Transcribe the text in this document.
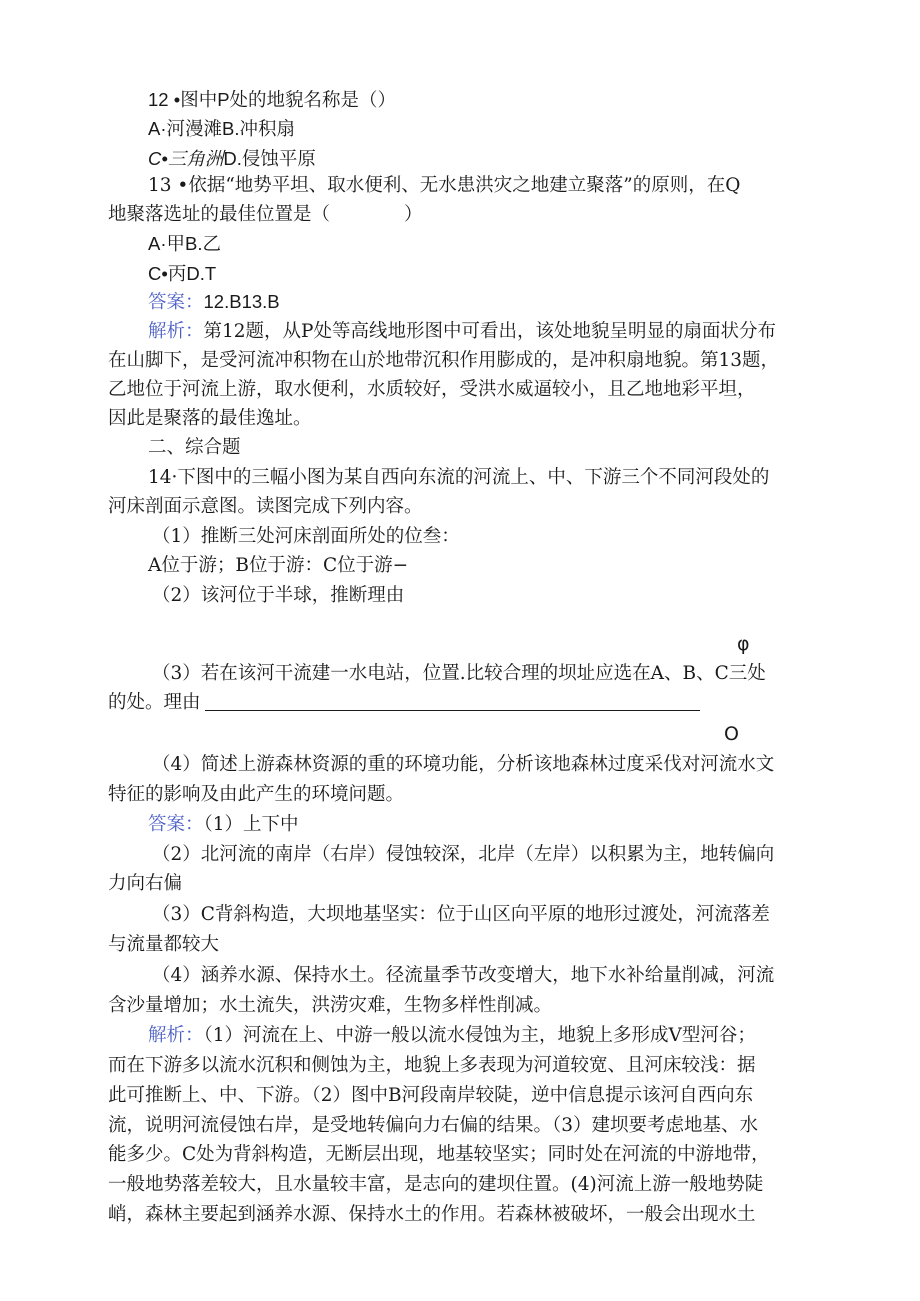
12 •图中P处的地貌名称是（）
A·河漫滩B.冲积扇
C•三角洲D.侵蚀平原
13 •依据“地势平坦、取水便利、无水患洪灾之地建立聚落”的原则，在Q
地聚落选址的最佳位置是（　　　　）
A·甲B.乙
C•丙D.T
答案：12.B13.B
解析：第12题，从P处等高线地形图中可看出，该处地貌呈明显的扇面状分布
在山脚下，是受河流冲积物在山於地带沉积作用膨成的，是冲积扇地貌。第13题，
乙地位于河流上游，取水便利，水质较好，受洪水威逼较小，且乙地地彩平坦，
因此是聚落的最佳逸址。
二、综合题
14·下图中的三幅小图为某自西向东流的河流上、中、下游三个不同河段处的
河床剖面示意图。读图完成下列内容。
（1）推断三处河床剖面所处的位叁：
A位于游；B位于游：C位于游−
（2）该河位于半球，推断理由
φ
（3）若在该河干流建一水电站，位置.比较合理的坝址应选在A、B、C三处
的处。理由
O
（4）简述上游森林资源的重的环境功能，分析该地森林过度采伐对河流水文
特征的影响及由此产生的环境问题。
答案：（1）上下中
（2）北河流的南岸（右岸）侵蚀较深，北岸（左岸）以积累为主，地转偏向
力向右偏
（3）C背斜构造，大坝地基坚实：位于山区向平原的地形过渡处，河流落差
与流量都较大
（4）涵养水源、保持水土。径流量季节改变增大，地下水补给量削减，河流
含沙量增加；水土流失，洪涝灾难，生物多样性削减。
解析：（1）河流在上、中游一般以流水侵蚀为主，地貌上多形成V型河谷；
而在下游多以流水沉积和侧蚀为主，地貌上多表现为河道较宽、且河床较浅：据
此可推断上、中、下游。（2）图中B河段南岸较陡，逆中信息提示该河自西向东
流，说明河流侵蚀右岸，是受地转偏向力右偏的结果。（3）建坝要考虑地基、水
能多少。C处为背斜构造，无断层出现，地基较坚实；同时处在河流的中游地带，
一般地势落差较大，且水量较丰富，是志向的建坝住置。(4)河流上游一般地势陡
峭，森林主要起到涵养水源、保持水土的作用。若森林被破坏，一般会出现水土
